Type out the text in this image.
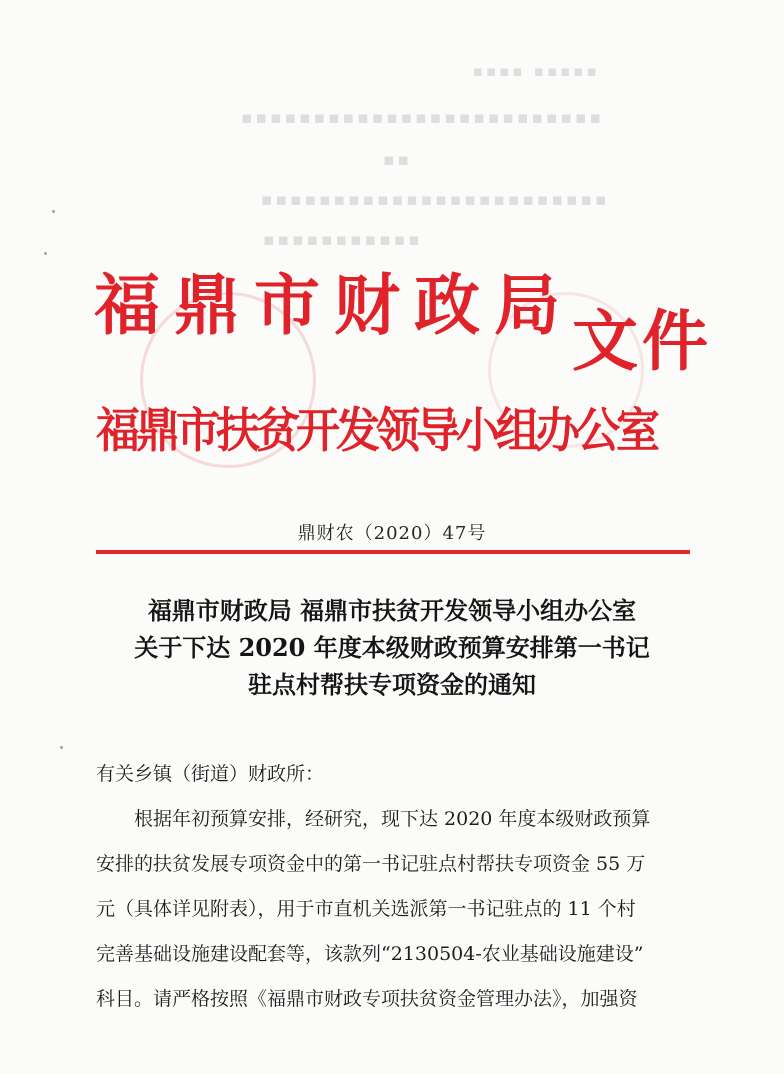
▪▪▪▪▪ ▪▪▪▪
▪▪▪▪▪▪▪▪▪▪▪▪▪▪▪▪▪▪▪▪▪▪▪▪▪
▪▪
▪▪▪▪▪▪▪▪▪▪▪▪▪▪▪▪▪▪▪▪▪▪▪▪
▪▪▪▪▪▪▪▪▪▪▪
福鼎市财政局
文件
福鼎市扶贫开发领导小组办公室
鼎财农（2020）47号
福鼎市财政局 福鼎市扶贫开发领导小组办公室
关于下达 2020 年度本级财政预算安排第一书记
驻点村帮扶专项资金的通知
有关乡镇（街道）财政所：
根据年初预算安排，经研究，现下达 2020 年度本级财政预算
安排的扶贫发展专项资金中的第一书记驻点村帮扶专项资金 55 万
元（具体详见附表），用于市直机关选派第一书记驻点的 11 个村
完善基础设施建设配套等，该款列“2130504-农业基础设施建设”
科目。请严格按照《福鼎市财政专项扶贫资金管理办法》，加强资
